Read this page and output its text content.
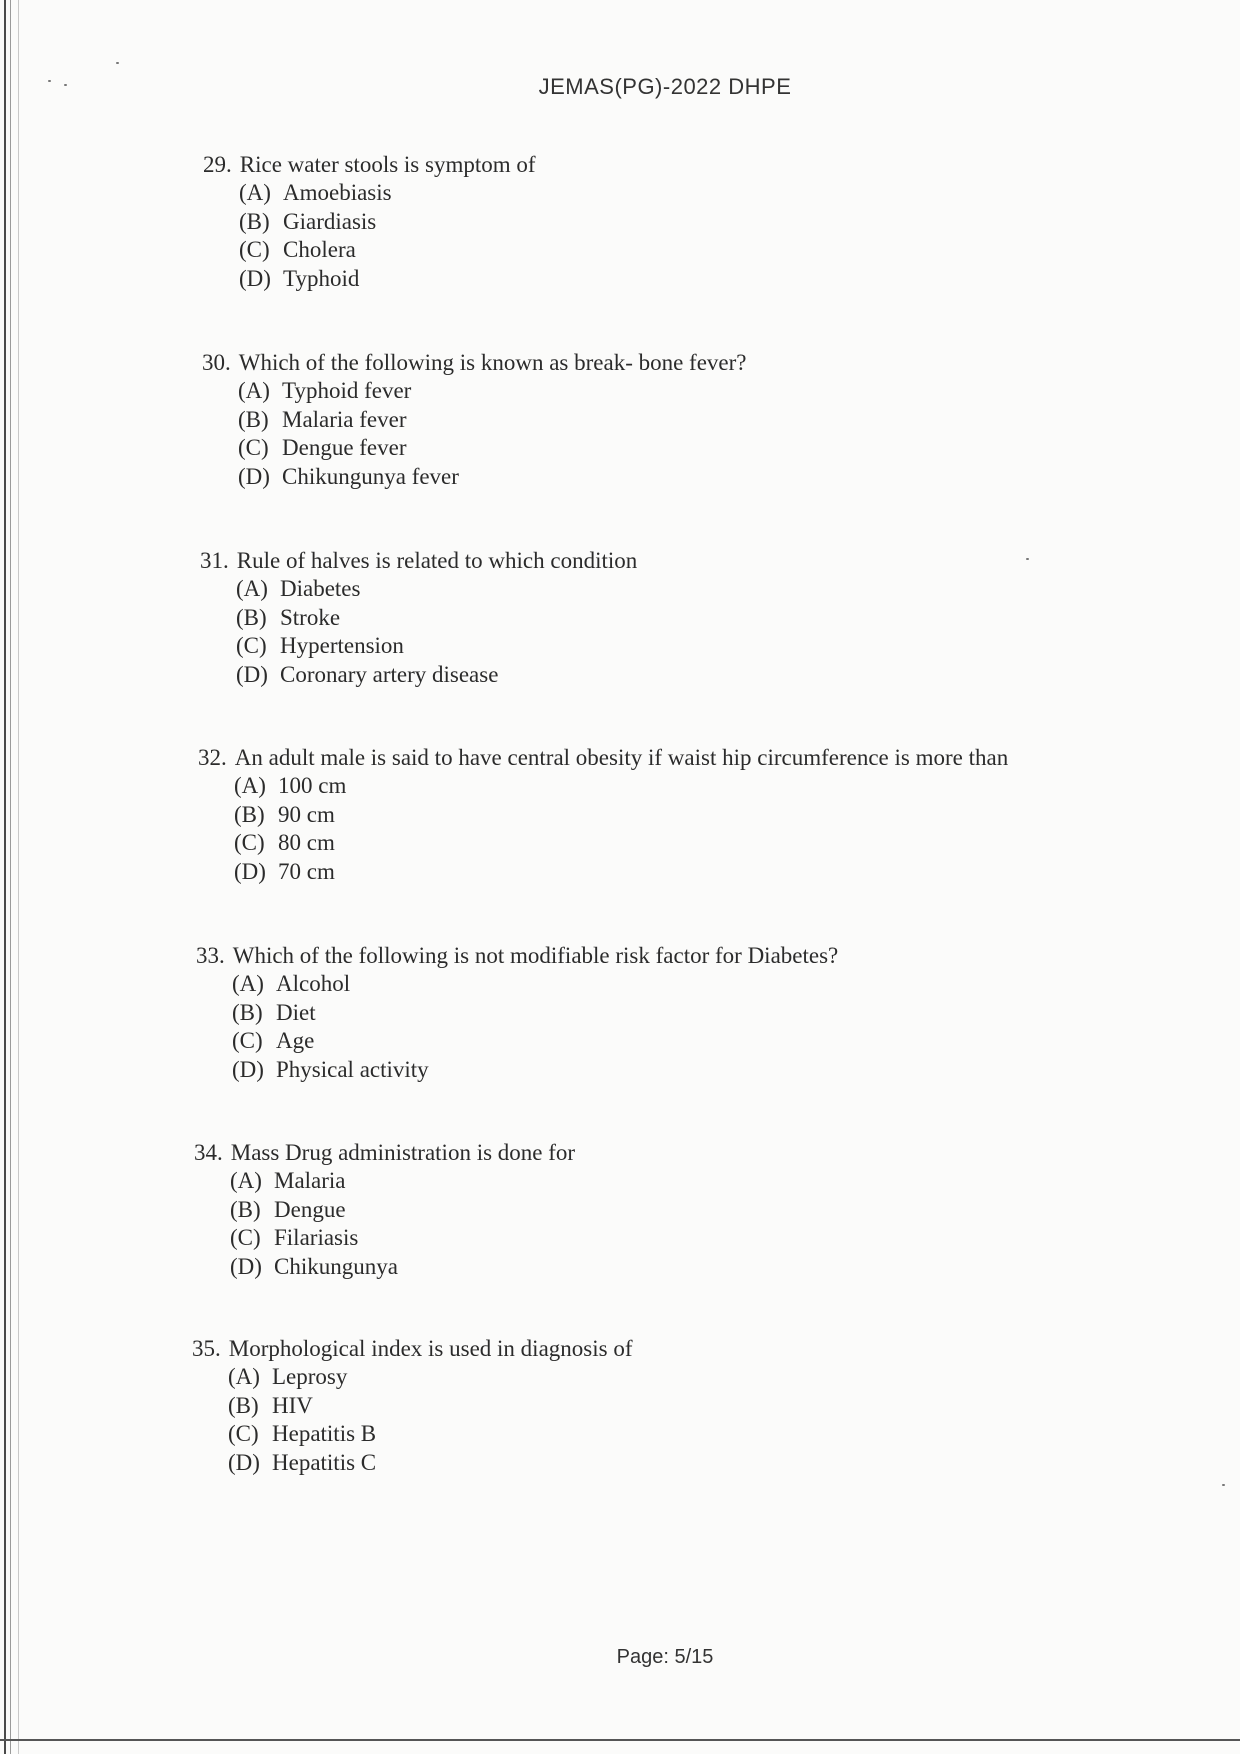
JEMAS(PG)-2022 DHPE
29. Rice water stools is symptom of
(A) Amoebiasis
(B) Giardiasis
(C) Cholera
(D) Typhoid
30. Which of the following is known as break- bone fever?
(A) Typhoid fever
(B) Malaria fever
(C) Dengue fever
(D) Chikungunya fever
31. Rule of halves is related to which condition
(A) Diabetes
(B) Stroke
(C) Hypertension
(D) Coronary artery disease
32. An adult male is said to have central obesity if waist hip circumference is more than
(A) 100 cm
(B) 90 cm
(C) 80 cm
(D) 70 cm
33. Which of the following is not modifiable risk factor for Diabetes?
(A) Alcohol
(B) Diet
(C) Age
(D) Physical activity
34. Mass Drug administration is done for
(A) Malaria
(B) Dengue
(C) Filariasis
(D) Chikungunya
35. Morphological index is used in diagnosis of
(A) Leprosy
(B) HIV
(C) Hepatitis B
(D) Hepatitis C
Page: 5/15
